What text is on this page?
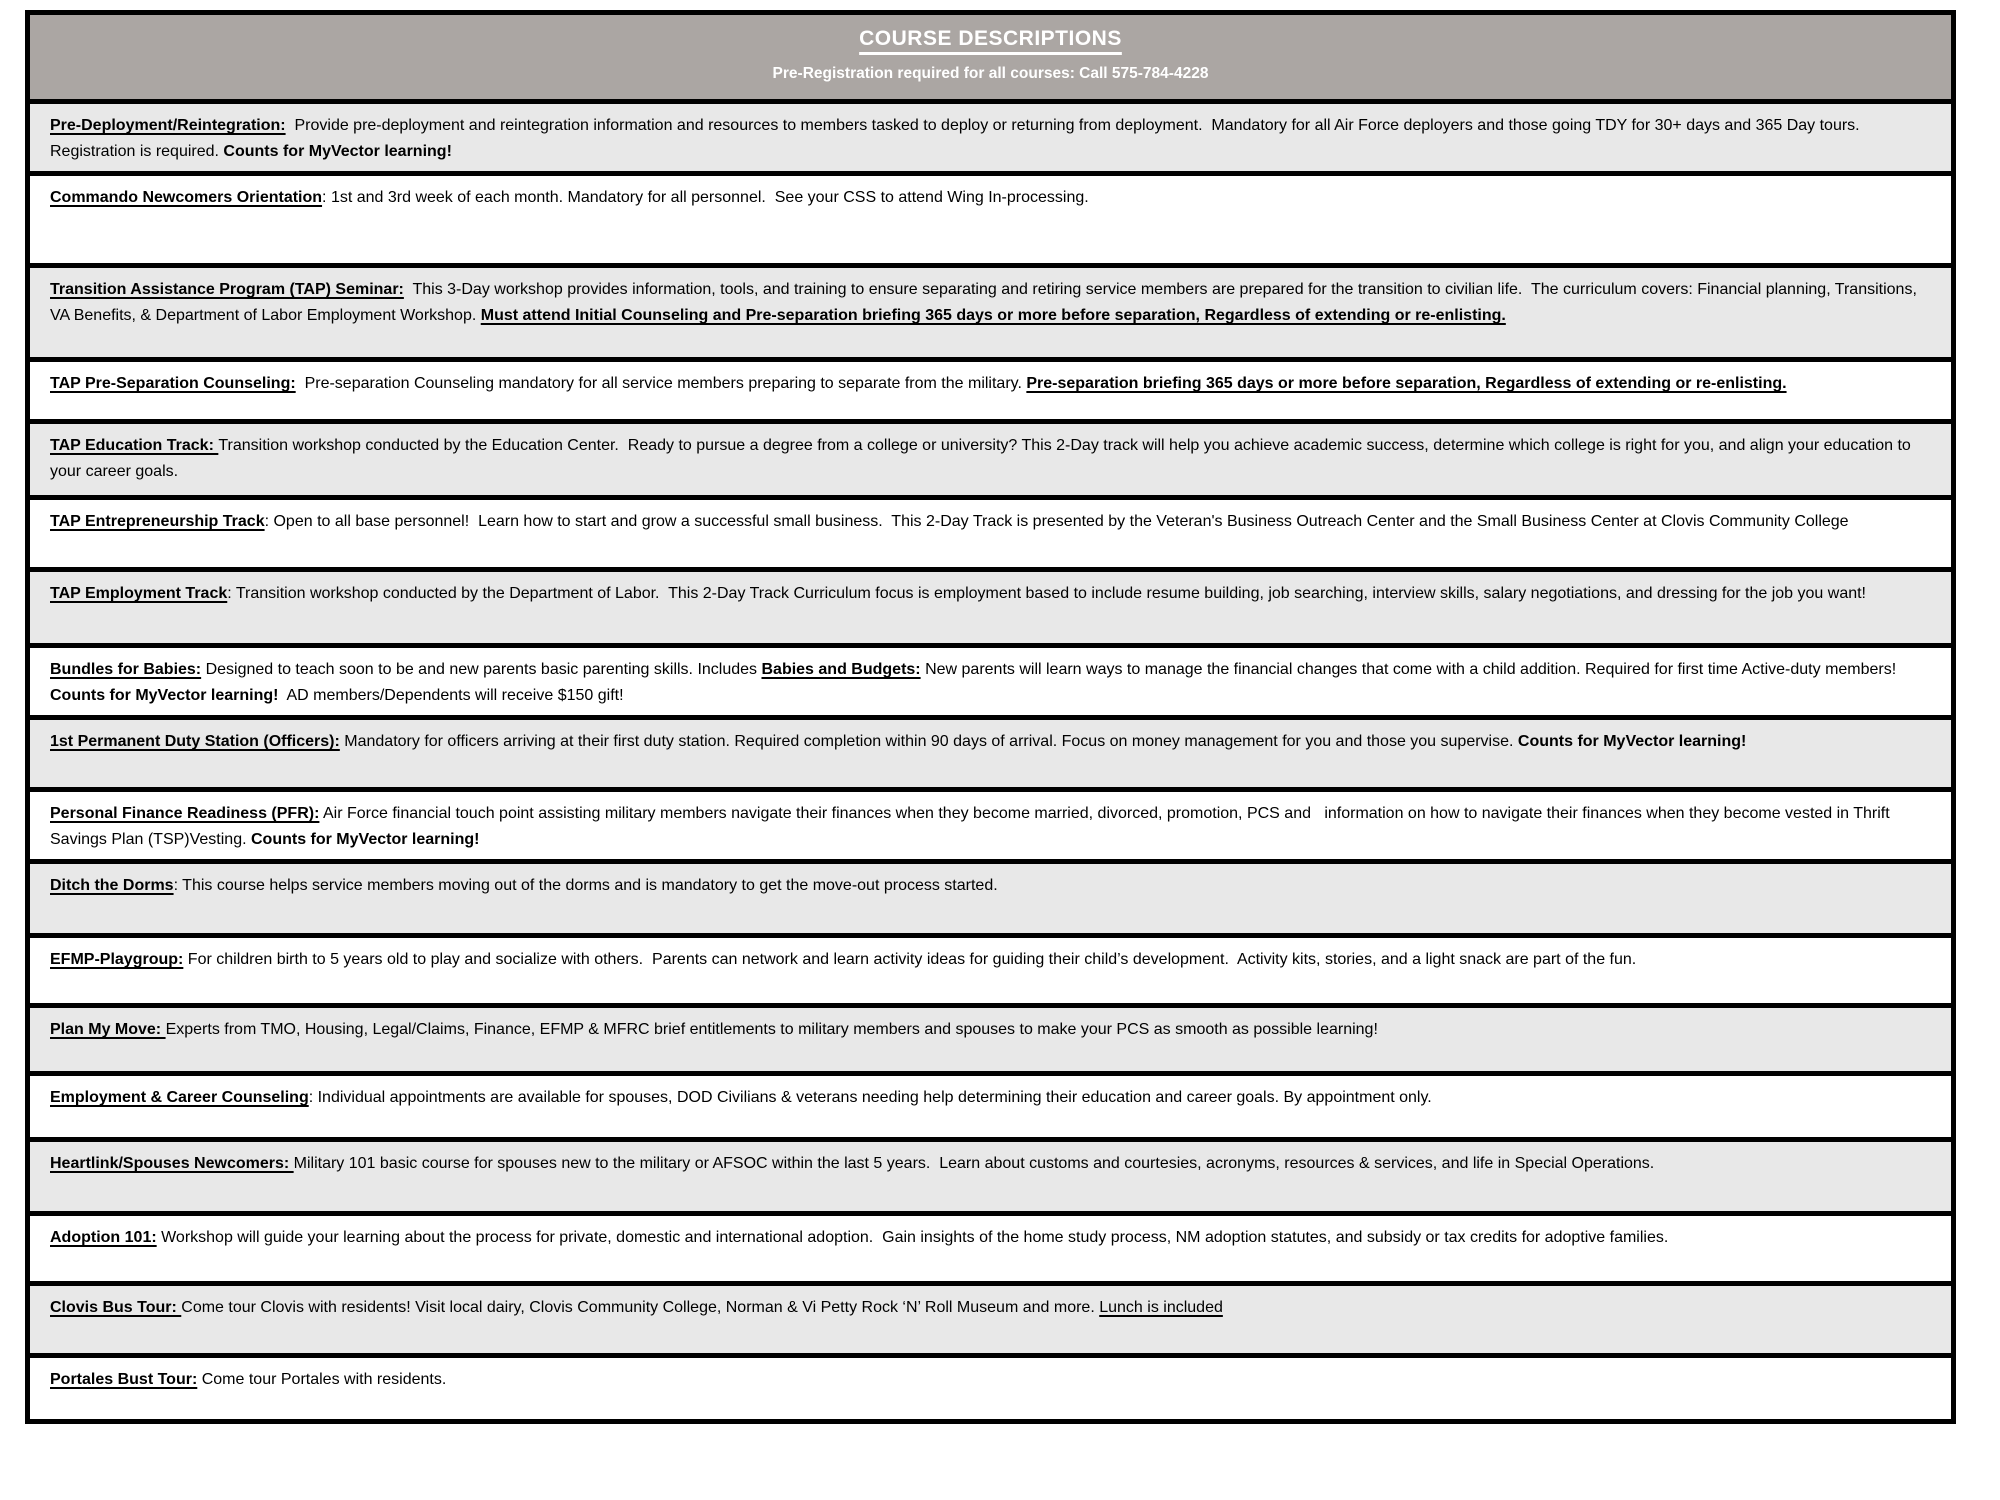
COURSE DESCRIPTIONS

Pre-Registration required for all courses: Call 575-784-4228

Pre-Deployment/Reintegration:  Provide pre-deployment and reintegration information and resources to members tasked to deploy or returning from deployment.  Mandatory for all Air Force deployers and those going TDY for 30+ days and 365 Day tours. Registration is required. Counts for MyVector learning!

Commando Newcomers Orientation: 1st and 3rd week of each month. Mandatory for all personnel.  See your CSS to attend Wing In-processing.

Transition Assistance Program (TAP) Seminar:  This 3-Day workshop provides information, tools, and training to ensure separating and retiring service members are prepared for the transition to civilian life.  The curriculum covers: Financial planning, Transitions,  VA Benefits, & Department of Labor Employment Workshop. Must attend Initial Counseling and Pre-separation briefing 365 days or more before separation, Regardless of extending or re-enlisting.

TAP Pre-Separation Counseling:  Pre-separation Counseling mandatory for all service members preparing to separate from the military. Pre-separation briefing 365 days or more before separation, Regardless of extending or re-enlisting.

TAP Education Track: Transition workshop conducted by the Education Center.  Ready to pursue a degree from a college or university? This 2-Day track will help you achieve academic success, determine which college is right for you, and align your education to your career goals.

TAP Entrepreneurship Track: Open to all base personnel!  Learn how to start and grow a successful small business.  This 2-Day Track is presented by the Veteran's Business Outreach Center and the Small Business Center at Clovis Community College

TAP Employment Track: Transition workshop conducted by the Department of Labor.  This 2-Day Track Curriculum focus is employment based to include resume building, job searching, interview skills, salary negotiations, and dressing for the job you want!

Bundles for Babies: Designed to teach soon to be and new parents basic parenting skills. Includes Babies and Budgets: New parents will learn ways to manage the financial changes that come with a child addition. Required for first time Active-duty members! Counts for MyVector learning!  AD members/Dependents will receive $150 gift!

1st Permanent Duty Station (Officers): Mandatory for officers arriving at their first duty station. Required completion within 90 days of arrival. Focus on money management for you and those you supervise. Counts for MyVector learning!

Personal Finance Readiness (PFR): Air Force financial touch point assisting military members navigate their finances when they become married, divorced, promotion, PCS and   information on how to navigate their finances when they become vested in Thrift Savings Plan (TSP)Vesting. Counts for MyVector learning!

Ditch the Dorms: This course helps service members moving out of the dorms and is mandatory to get the move-out process started.

EFMP-Playgroup: For children birth to 5 years old to play and socialize with others.  Parents can network and learn activity ideas for guiding their child’s development.  Activity kits, stories, and a light snack are part of the fun.

Plan My Move: Experts from TMO, Housing, Legal/Claims, Finance, EFMP & MFRC brief entitlements to military members and spouses to make your PCS as smooth as possible learning!

Employment & Career Counseling: Individual appointments are available for spouses, DOD Civilians & veterans needing help determining their education and career goals. By appointment only.

Heartlink/Spouses Newcomers: Military 101 basic course for spouses new to the military or AFSOC within the last 5 years.  Learn about customs and courtesies, acronyms, resources & services, and life in Special Operations.

Adoption 101: Workshop will guide your learning about the process for private, domestic and international adoption.  Gain insights of the home study process, NM adoption statutes, and subsidy or tax credits for adoptive families.

Clovis Bus Tour: Come tour Clovis with residents! Visit local dairy, Clovis Community College, Norman & Vi Petty Rock ‘N’ Roll Museum and more. Lunch is included

Portales Bust Tour: Come tour Portales with residents.
